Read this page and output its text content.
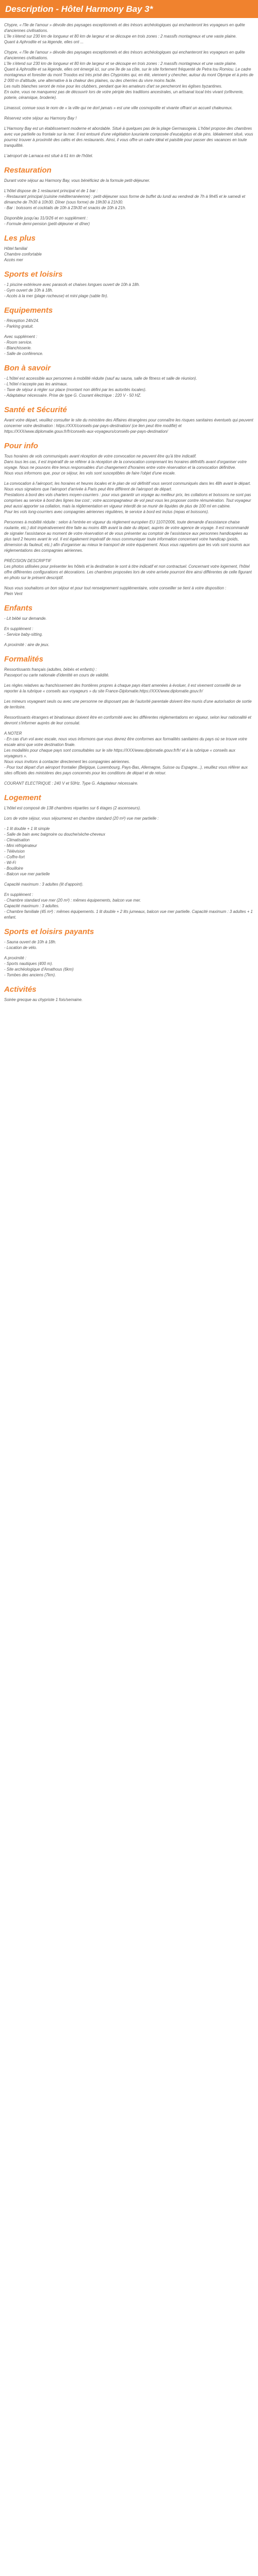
Description - Hôtel Harmony Bay 3*

Chypre, « l'île de l'amour » dévoile des paysages exceptionnels et des trésors archéologiques qui enchanteront les voyageurs en quête d'anciennes civilisations.
L'île s'étend sur 230 km de longueur et 80 km de largeur et se découpe en trois zones : 2 massifs montagneux et une vaste plaine.
Quant à Aphrodite et sa légende, elles ont ...

Chypre, « l'île de l'amour » dévoile des paysages exceptionnels et des trésors archéologiques qui enchanteront les voyageurs en quête d'anciennes civilisations.
L'île s'étend sur 230 km de longueur et 80 km de largeur et se découpe en trois zones : 2 massifs montagneux et une vaste plaine.
Quant à Aphrodite et sa légende, elles ont émergé ici, sur une île de sa côte, sur le site fortement fréquenté de Petra tou Romiou. Le cadre montagneux et forestier du mont Troodos est très prisé des Chypriotes qui, en été, viennent y chercher, autour du mont Olympe et à près de 2 000 m d'altitude, une alternative à la chaleur des plaines, ou des cherries du vivre moins facile.
Les nuits blanches seront de mise pour les clubbers, pendant que les amateurs d'art se pencheront les églises byzantines.
En outre, vous ne manquerez pas de découvrir lors de votre périple des traditions ancestrales, un artisanat local très vivant (orfèvrerie, poterie, céramique, broderie).

Limassol, connue sous le nom de « la ville qui ne dort jamais » est une ville cosmopolite et vivante offrant un accueil chaleureux.

Réservez votre séjour au Harmony Bay !

L'Harmony Bay est un établissement moderne et abordable. Situé à quelques pas de la plage Germasogeia. L'hôtel propose des chambres avec vue partielle ou frontale sur la mer. Il est entouré d'une végétation luxuriante composée d'eucalyptus et de pins. Idéalement situé, vous pourrez trouver à proximité des cafés et des restaurants. Ainsi, il vous offre un cadre idéal et paisible pour passer des vacances en toute tranquillité.

L'aéroport de Larnaca est situé à 61 km de l'hôtel.

Restauration

Durant votre séjour au Harmony Bay, vous bénéficiez de la formule petit-déjeuner.

L'hôtel dispose de 1 restaurant principal et de 1 bar :

- Restaurant principal (cuisine méditerranéenne) : petit-déjeuner sous forme de buffet du lundi au vendredi de 7h à 9h45 et le samedi et dimanche de 7h30 à 10h30. Dîner (sous forme) de 19h30 à 21h30.

- Bar : boissons et cocktails de 10h à 23h30 et snacks de 10h à 21h.

Disponible jusqu'au 31/3/26 et en supplément :

- Formule demi-pension (petit-déjeuner et dîner)

Les plus

Hôtel familial

Chambre confortable

Accès mer

Sports et loisirs

- 1 piscine extérieure avec parasols et chaises longues ouvert de 10h à 18h.

- Gym ouvert de 10h à 18h.

- Accès à la mer (plage rocheuse) et mini plage (sable fin).

Equipements

- Réception 24h/24.

- Parking gratuit.

Avec supplément :

- Room service.

- Blanchisserie.

- Salle de conférence.

Bon à savoir

- L'hôtel est accessible aux personnes à mobilité réduite (sauf au sauna, salle de fitness et salle de réunion).

- L'hôtel n'accepte pas les animaux.

- Taxe de séjour à régler sur place (montant non défini par les autorités locales).

- Adaptateur nécessaire. Prise de type G. Courant électrique : 220 V - 50 HZ.

Santé et Sécurité

Avant votre départ, veuillez consulter le site du ministère des Affaires étrangères pour connaître les risques sanitaires éventuels qui peuvent concerner votre destination : https://XXX/conseils-par-pays-destination/ (ce lien peut être modifié) et https://XXX/www.diplomatie.gouv.fr/fr/conseils-aux-voyageurs/conseils-par-pays-destination/

Pour info

Tous horaires de vols communiqués avant réception de votre convocation ne peuvent être qu'à titre indicatif.
Dans tous les cas, il est impératif de se référer à la réception de la convocation comprenant les horaires définitifs avant d'organiser votre voyage. Nous ne pouvons être tenus responsables d'un changement d'horaires entre votre réservation et la convocation définitive.
Nous vous informons que, pour ce séjour, les vols sont susceptibles de faire l'objet d'une escale.

La convocation à l'aéroport, les horaires et heures locales et le plan de vol définitif vous seront communiqués dans les 48h avant le départ.
Nous vous signalons que l'aéroport d'arrivée à Paris peut être différent de l'aéroport de départ.
Prestations à bord des vols charters moyen-courriers : pour vous garantir un voyage au meilleur prix, les collations et boissons ne sont pas comprises au service à bord des lignes low cost ; votre accompagnateur de vol peut vous les proposer contre rémunération. Tout voyageur peut aussi apporter sa collation, mais la réglementation en vigueur interdit de se munir de liquides de plus de 100 ml en cabine.
Pour les vols long-courriers avec compagnies aériennes régulières, le service à bord est inclus (repas et boissons).

Personnes à mobilité réduite : selon à l'entrée en vigueur du règlement européen EU 1107/2006, toute demande d'assistance chaise roulante, etc.) doit impérativement être faite au moins 48h avant la date du départ, auprès de votre agence de voyage. Il est recommandé de signaler l'assistance au moment de votre réservation et de vous présenter au comptoir de l'assistance aux personnes handicapées au plus tard 2 heures avant le vol. Il est également impératif de nous communiquer toute information concernant votre handicap (poids, dimension du fauteuil, etc.) afin d'organiser au mieux le transport de votre équipement. Nous vous rappelons que les vols sont soumis aux réglementations des compagnies aériennes.

PRÉCISION DESCRIPTIF

Les photos utilisées pour présenter les hôtels et la destination le sont à titre indicatif et non contractuel. Concernant votre logement, l'hôtel offre différentes configurations et décorations. Les chambres proposées lors de votre arrivée pourront être ainsi différentes de celle figurant en photo sur le présent descriptif.

Nous vous souhaitons un bon séjour et pour tout renseignement supplémentaire, votre conseiller se tient à votre disposition :

Plein Vent

Enfants

- Lit bébé sur demande.

En supplément :

- Service baby-sitting.

A proximité : aire de jeux.

Formalités

Ressortissants français (adultes, bébés et enfants) :
Passeport ou carte nationale d'identité en cours de validité.

Les règles relatives au franchissement des frontières propres à chaque pays étant amenées à évoluer, il est vivement conseillé de se reporter à la rubrique « conseils aux voyageurs » du site France-Diplomatie.https://XXX/www.diplomatie.gouv.fr/

Les mineurs voyageant seuls ou avec une personne ne disposant pas de l'autorité parentale doivent être munis d'une autorisation de sortie de territoire.

Ressortissants étrangers et binationaux doivent être en conformité avec les différentes réglementations en vigueur, selon leur nationalité et devront s'informer auprès de leur consulat.

A NOTER

- En cas d'un vol avec escale, nous vous informons que vous devrez être conformes aux formalités sanitaires du pays où se trouve votre escale ainsi que votre destination finale.
Les modalités pour chaque pays sont consultables sur le site https://XXX/www.diplomatie.gouv.fr/fr/ et à la rubrique « conseils aux voyageurs ».
Nous vous invitons à contacter directement les compagnies aériennes.
- Pour tout départ d'un aéroport frontalier (Belgique, Luxembourg, Pays-Bas, Allemagne, Suisse ou Espagne...), veuillez vous référer aux sites officiels des ministères des pays concernés pour les conditions de départ et de retour.

COURANT ELECTRIQUE : 240 V et 50Hz. Type G. Adaptateur nécessaire.

Logement

L'hôtel est composé de 138 chambres réparties sur 6 étages (2 ascenseurs).

Lors de votre séjour, vous séjournerez en chambre standard (20 m²) vue mer partielle :

- 1 lit double + 1 lit simple

- Salle de bain avec baignoire ou douche/sèche-cheveux

- Climatisation

- Mini réfrigérateur

- Télévision

- Coffre-fort

- Wi-Fi

- Bouilloire

- Balcon vue mer partielle

Capacité maximum : 3 adultes (lit d'appoint).

En supplément :

- Chambre standard vue mer (20 m²) : mêmes équipements, balcon vue mer.

Capacité maximum : 3 adultes.

- Chambre familiale (45 m²) : mêmes équipements. 1 lit double + 2 lits jumeaux, balcon vue mer partielle. Capacité maximum : 3 adultes + 1 enfant.

Sports et loisirs payants

- Sauna ouvert de 10h à 18h.

- Location de vélo.

A proximité :

- Sports nautiques (400 m).

- Site archéologique d'Amathous (6km)

- Tombes des anciens (7km).

Activités

Soirée grecque au chypriote 1 fois/semaine.
